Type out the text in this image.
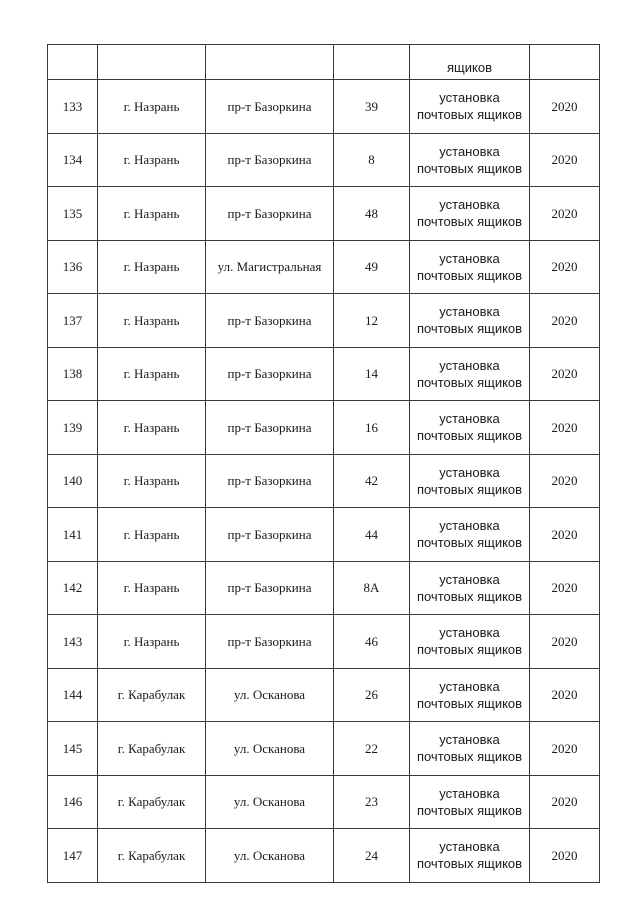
				ящиков	
133	г. Назрань	пр-т Базоркина	39	установка почтовых ящиков	2020
134	г. Назрань	пр-т Базоркина	8	установка почтовых ящиков	2020
135	г. Назрань	пр-т Базоркина	48	установка почтовых ящиков	2020
136	г. Назрань	ул. Магистральная	49	установка почтовых ящиков	2020
137	г. Назрань	пр-т Базоркина	12	установка почтовых ящиков	2020
138	г. Назрань	пр-т Базоркина	14	установка почтовых ящиков	2020
139	г. Назрань	пр-т Базоркина	16	установка почтовых ящиков	2020
140	г. Назрань	пр-т Базоркина	42	установка почтовых ящиков	2020
141	г. Назрань	пр-т Базоркина	44	установка почтовых ящиков	2020
142	г. Назрань	пр-т Базоркина	8А	установка почтовых ящиков	2020
143	г. Назрань	пр-т Базоркина	46	установка почтовых ящиков	2020
144	г. Карабулак	ул. Осканова	26	установка почтовых ящиков	2020
145	г. Карабулак	ул. Осканова	22	установка почтовых ящиков	2020
146	г. Карабулак	ул. Осканова	23	установка почтовых ящиков	2020
147	г. Карабулак	ул. Осканова	24	установка почтовых ящиков	2020
